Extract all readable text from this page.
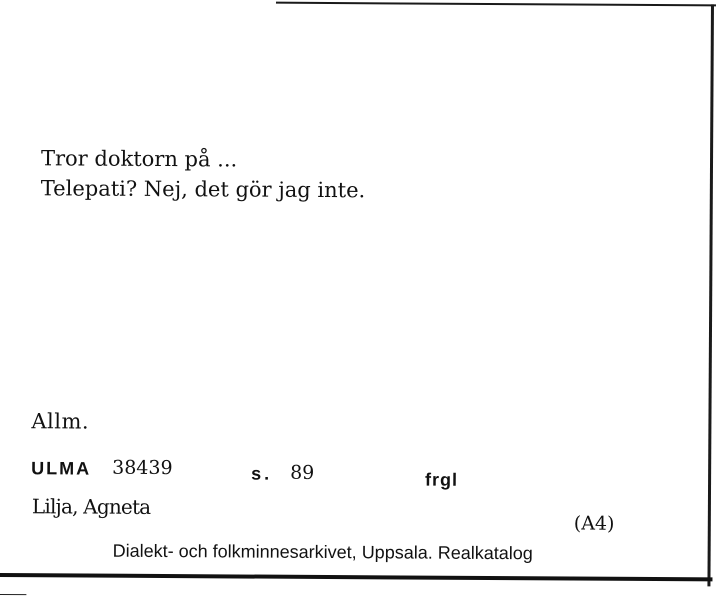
Tror doktorn på ...
Telepati? Nej, det gör jag inte.
Allm.
ULMA 38439	s. 89	frgl
Lilja, Agneta
(A4)
Dialekt- och folkminnesarkivet, Uppsala. Realkatalog
